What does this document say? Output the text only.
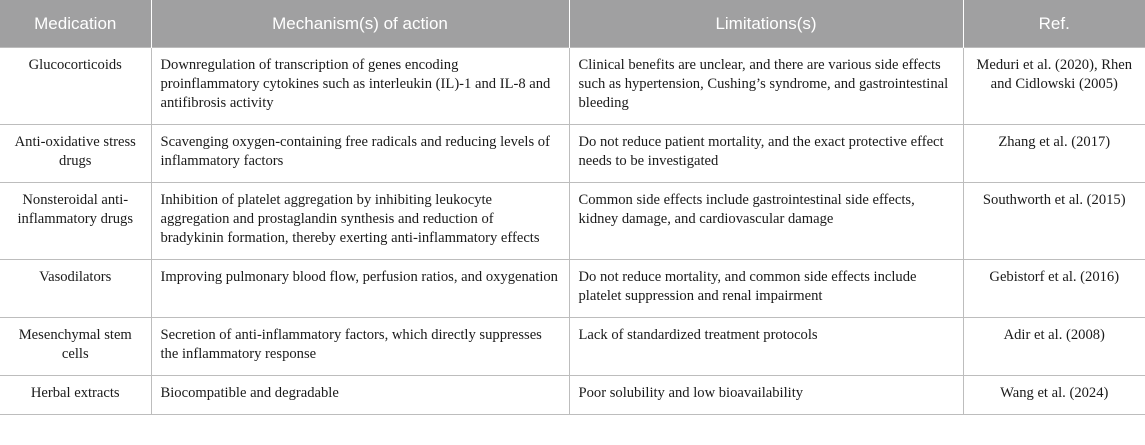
Medication	Mechanism(s) of action	Limitations(s)	Ref.
Glucocorticoids	Downregulation of transcription of genes encoding proinflammatory cytokines such as interleukin (IL)-1 and IL-8 and antifibrosis activity	Clinical benefits are unclear, and there are various side effects such as hypertension, Cushing’s syndrome, and gastrointestinal bleeding	Meduri et al. (2020), Rhen and Cidlowski (2005)
Anti-oxidative stress drugs	Scavenging oxygen-containing free radicals and reducing levels of inflammatory factors	Do not reduce patient mortality, and the exact protective effect needs to be investigated	Zhang et al. (2017)
Nonsteroidal anti-inflammatory drugs	Inhibition of platelet aggregation by inhibiting leukocyte aggregation and prostaglandin synthesis and reduction of bradykinin formation, thereby exerting anti-inflammatory effects	Common side effects include gastrointestinal side effects, kidney damage, and cardiovascular damage	Southworth et al. (2015)
Vasodilators	Improving pulmonary blood flow, perfusion ratios, and oxygenation	Do not reduce mortality, and common side effects include platelet suppression and renal impairment	Gebistorf et al. (2016)
Mesenchymal stem cells	Secretion of anti-inflammatory factors, which directly suppresses the inflammatory response	Lack of standardized treatment protocols	Adir et al. (2008)
Herbal extracts	Biocompatible and degradable	Poor solubility and low bioavailability	Wang et al. (2024)
